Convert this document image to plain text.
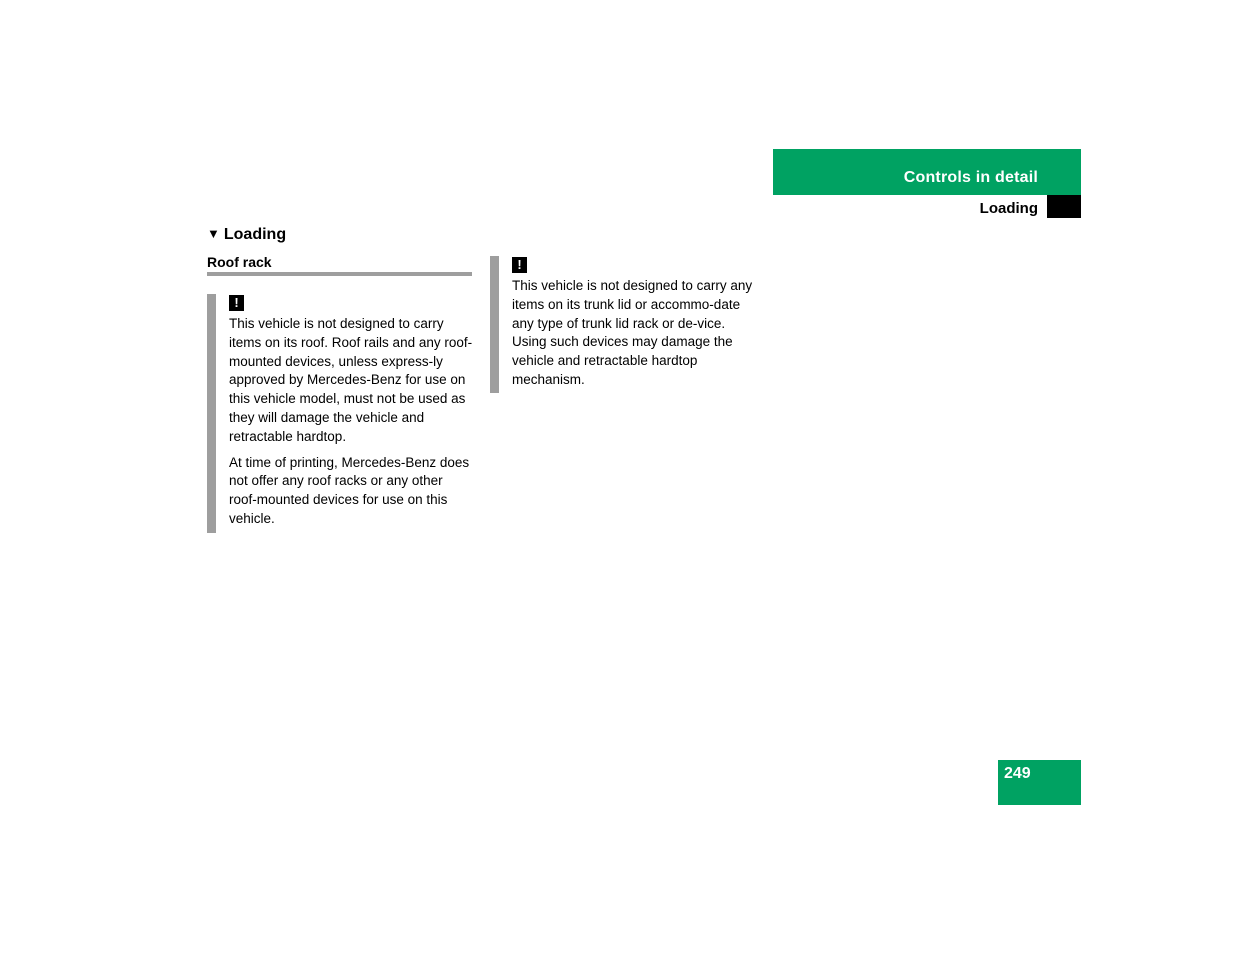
Controls in detail
Loading
▼ Loading
Roof rack
!

This vehicle is not designed to carry items on its roof. Roof rails and any roof-mounted devices, unless express-ly approved by Mercedes-Benz for use on this vehicle model, must not be used as they will damage the vehicle and retractable hardtop.

At time of printing, Mercedes-Benz does not offer any roof racks or any other roof-mounted devices for use on this vehicle.

!

This vehicle is not designed to carry any items on its trunk lid or accommo-date any type of trunk lid rack or de-vice. Using such devices may damage the vehicle and retractable hardtop mechanism.

249
